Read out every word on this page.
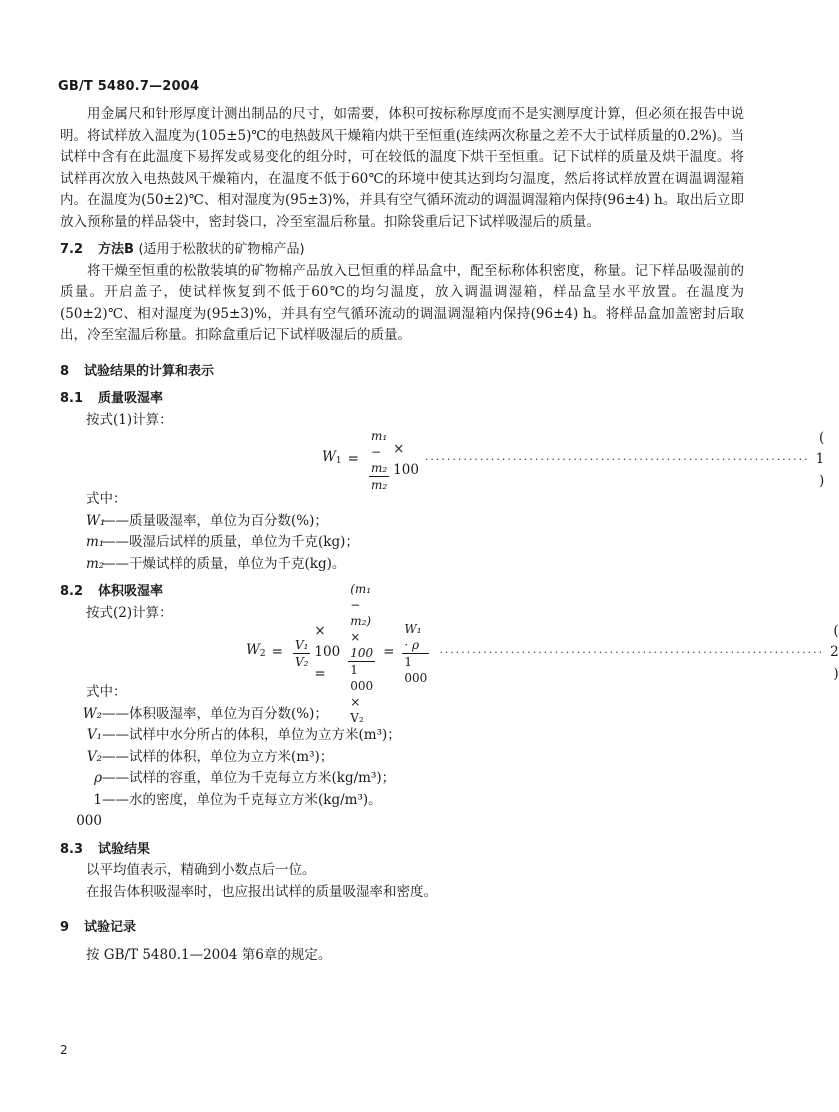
GB/T 5480.7—2004

用金属尺和针形厚度计测出制品的尺寸，如需要，体积可按标称厚度而不是实测厚度计算，但必须在报告中说明。将试样放入温度为(105±5)℃的电热鼓风干燥箱内烘干至恒重(连续两次称量之差不大于试样质量的0.2%)。当试样中含有在此温度下易挥发或易变化的组分时，可在较低的温度下烘干至恒重。记下试样的质量及烘干温度。将试样再次放入电热鼓风干燥箱内，在温度不低于60℃的环境中使其达到均匀温度，然后将试样放置在调温调湿箱内。在温度为(50±2)℃、相对湿度为(95±3)%，并具有空气循环流动的调温调湿箱内保持(96±4) h。取出后立即放入预称量的样品袋中，密封袋口，冷至室温后称量。扣除袋重后记下试样吸湿后的质量。

7.2 方法B (适用于松散状的矿物棉产品)

将干燥至恒重的松散装填的矿物棉产品放入已恒重的样品盒中，配至标称体积密度，称量。记下样品吸湿前的质量。开启盖子，使试样恢复到不低于60℃的均匀温度，放入调温调湿箱，样品盒呈水平放置。在温度为(50±2)℃、相对湿度为(95±3)%，并具有空气循环流动的调温调湿箱内保持(96±4) h。将样品盒加盖密封后取出，冷至室温后称量。扣除盒重后记下试样吸湿后的质量。

8 试验结果的计算和表示

8.1 质量吸湿率

按式(1)计算：

$W1 = \frac{\text{m₁ − m₂}}{\text{m₂}} \times 100$
······································································
( 1 )

式中：

W₁
——质量吸湿率，单位为百分数(%)；

m₁
——吸湿后试样的质量，单位为千克(kg)；

m₂
——干燥试样的质量，单位为千克(kg)。

8.2 体积吸湿率

按式(2)计算：

$W2 = \frac{\text{V₁}}{\text{V₂}}$
× 100 =	$\frac{\text{(m₁ − m₂) × 100}}{\text{1 000 × V₂}} = \frac{\text{W₁ · ρ}}{1 000}$ ······································································
( 2 )

式中：

W₂ ——体积吸湿率，单位为百分数(%)；

V₁ ——试样中水分所占的体积，单位为立方米(m³)；

V₂ ——试样的体积，单位为立方米(m³)；

ρ ——试样的容重，单位为千克每立方米(kg/m³)；

1 000
——水的密度，单位为千克每立方米(kg/m³)。

8.3 试验结果

以平均值表示，精确到小数点后一位。

在报告体积吸湿率时，也应报出试样的质量吸湿率和密度。

9 试验记录

按 GB/T 5480.1—2004 第6章的规定。

2
